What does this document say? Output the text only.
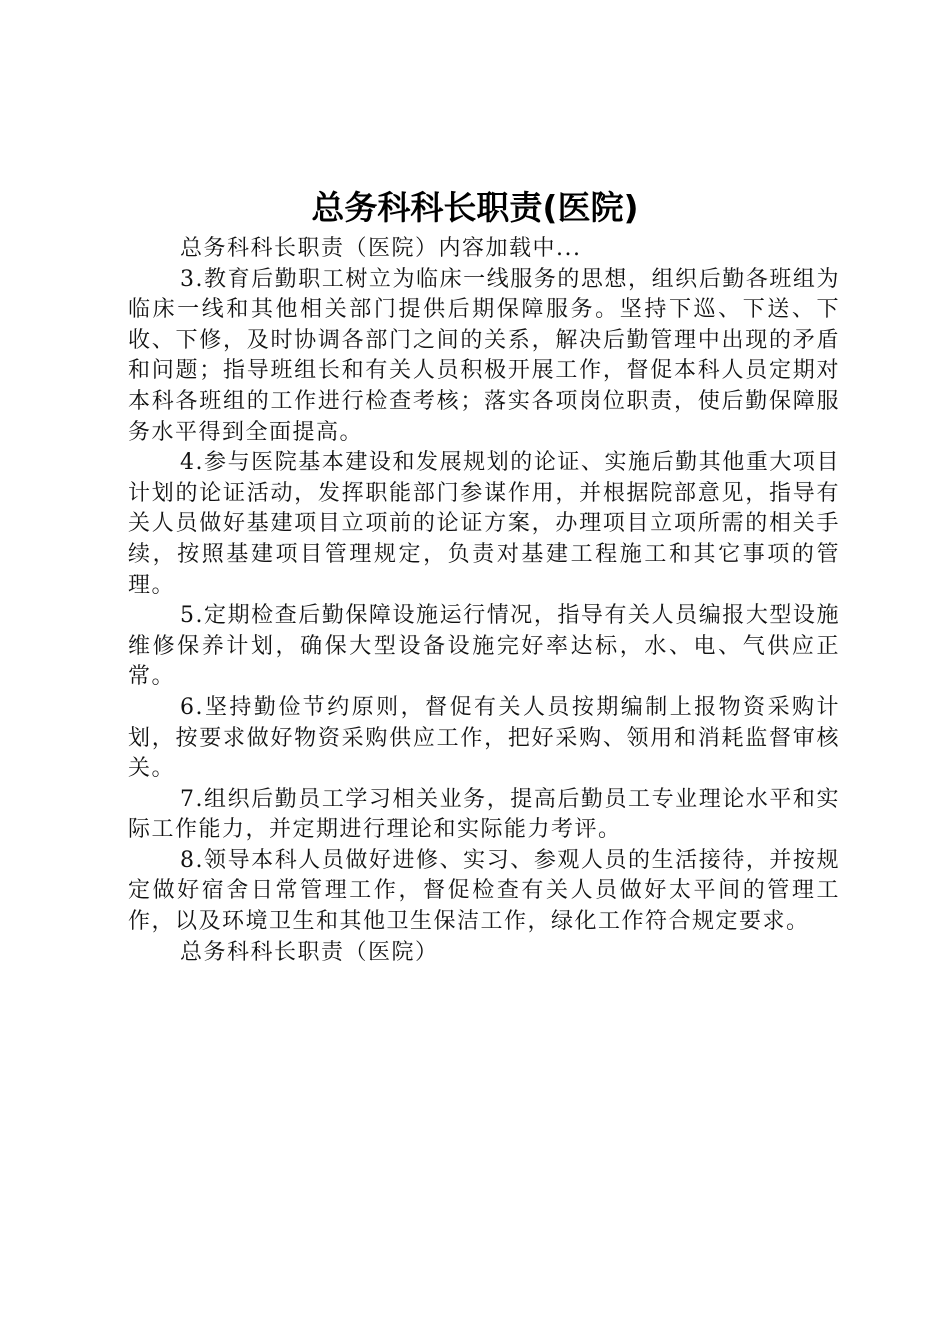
总务科科长职责(医院)

总务科科长职责（医院）内容加载中...

3.教育后勤职工树立为临床一线服务的思想，组织后勤各班组为临床一线和其他相关部门提供后期保障服务。坚持下巡、下送、下收、下修，及时协调各部门之间的关系，解决后勤管理中出现的矛盾和问题；指导班组长和有关人员积极开展工作，督促本科人员定期对本科各班组的工作进行检查考核；落实各项岗位职责，使后勤保障服务水平得到全面提高。

4.参与医院基本建设和发展规划的论证、实施后勤其他重大项目计划的论证活动，发挥职能部门参谋作用，并根据院部意见，指导有关人员做好基建项目立项前的论证方案，办理项目立项所需的相关手续，按照基建项目管理规定，负责对基建工程施工和其它事项的管理。

5.定期检查后勤保障设施运行情况，指导有关人员编报大型设施维修保养计划，确保大型设备设施完好率达标，水、电、气供应正常。

6.坚持勤俭节约原则，督促有关人员按期编制上报物资采购计划，按要求做好物资采购供应工作，把好采购、领用和消耗监督审核关。

7.组织后勤员工学习相关业务，提高后勤员工专业理论水平和实际工作能力，并定期进行理论和实际能力考评。

8.领导本科人员做好进修、实习、参观人员的生活接待，并按规定做好宿舍日常管理工作，督促检查有关人员做好太平间的管理工作，以及环境卫生和其他卫生保洁工作，绿化工作符合规定要求。

总务科科长职责（医院）
